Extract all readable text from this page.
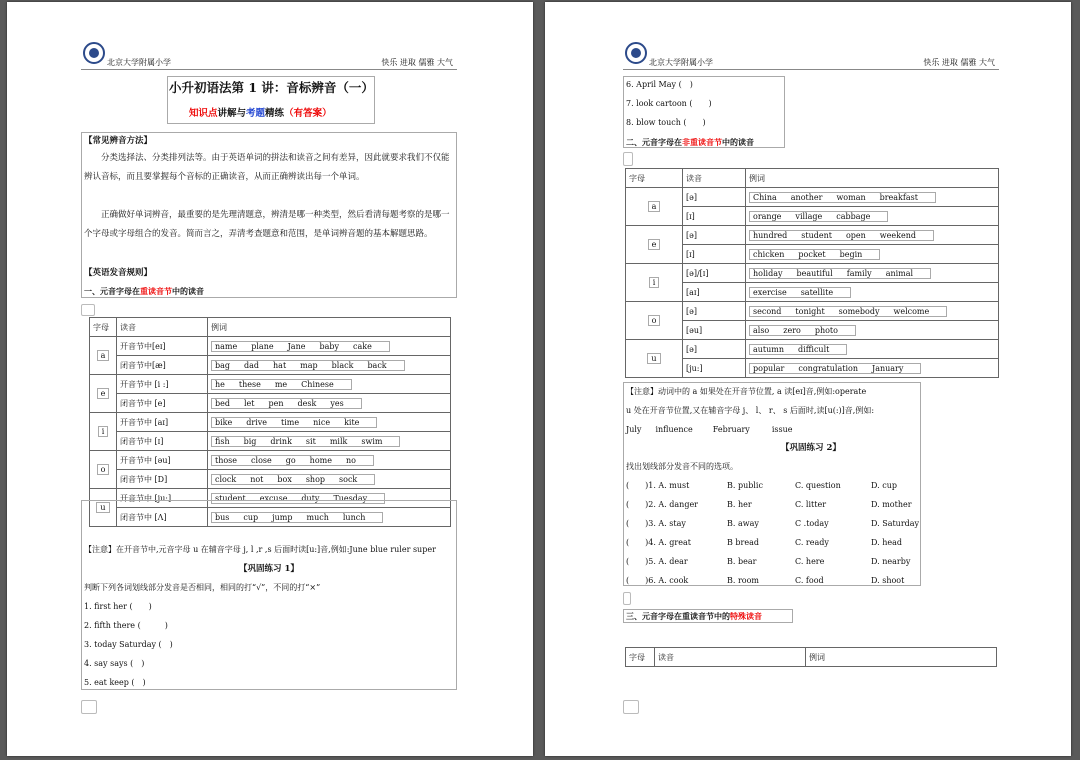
北京大学附属小学	快乐 进取 儒雅 大气
小升初语法第 1 讲：音标辨音（一）
知识点讲解与考题精练（有答案）
【常见辨音方法】
分类选择法、分类排列法等。由于英语单词的拼法和读音之间有差异，因此就要求我们不仅能辨认音标，而且要掌握每个音标的正确读音，从而正确辨读出每一个单词。
正确做好单词辨音，最重要的是先理清题意，辨清是哪一种类型，然后看清每题考察的是哪一个字母或字母组合的发音。简而言之，弄清考查题意和范围，是单词辨音题的基本解题思路。
【英语发音规则】
一、元音字母在重读音节中的读音
字母	读音	例词
a	开音节中[eɪ]	name plane Jane baby cake
	闭音节中[æ]	bag dad hat map black back
e	开音节中 [i :]	he these me Chinese
	闭音节中 [e]	bed let pen desk yes
i	开音节中 [aɪ]	bike drive time nice kite
	闭音节中 [ɪ]	fish big drink sit milk swim
o	开音节中 [əu]	those close go home no
	闭音节中 [D]	clock not box shop sock
u	开音节中 [ju:]	student excuse duty Tuesday
	闭音节中 [Λ]	bus cup jump much lunch
【注意】在开音节中,元音字母 u 在辅音字母 j, l ,r ,s 后面时读[u:]音,例如:June blue ruler super
【巩固练习 1】
判断下列各词划线部分发音是否相同，相同的打“√”，不同的打“×”
1. first her (　　)
2. fifth there (　　　)
3. today Saturday (　)
4. say says (　)
5. eat keep (　)
北京大学附属小学	快乐 进取 儒雅 大气
6. April May (　)
7. look cartoon (　　)
8. blow touch (　　)
二、元音字母在非重读音节中的读音
字母	读音	例词
a	[ə]	China another woman breakfast
	[ɪ]	orange village cabbage
e	[ə]	hundred student open weekend
	[ɪ]	chicken pocket begin
i	[ə]/[ɪ]	holiday beautiful family animal
	[aɪ]	exercise satellite
o	[ə]	second tonight somebody welcome
	[əu]	also zero photo
u	[ə]	autumn difficult
	[ju:]	popular congratulation January
【注意】动词中的 a 如果处在开音节位置, a 读[eɪ]音,例如:operate
u 处在开音节位置,又在辅音字母 j、 l、 r、 s 后面时,读[u(:)]音,例如:
July influence	February	issue
【巩固练习 2】
找出划线部分发音不同的选项。
(　　)1. A. must	B. public	C. question	D. cup
(　　)2. A. danger	B. her	C. litter	D. mother
(　　)3. A. stay	B. away	C .today	D. Saturday
(　　)4. A. great	B bread	C. ready	D. head
(　　)5. A. dear	B. bear	C. here	D. nearby
(　　)6. A. cook	B. room	C. food	D. shoot
三、元音字母在重读音节中的特殊读音
字母	读音	例词
